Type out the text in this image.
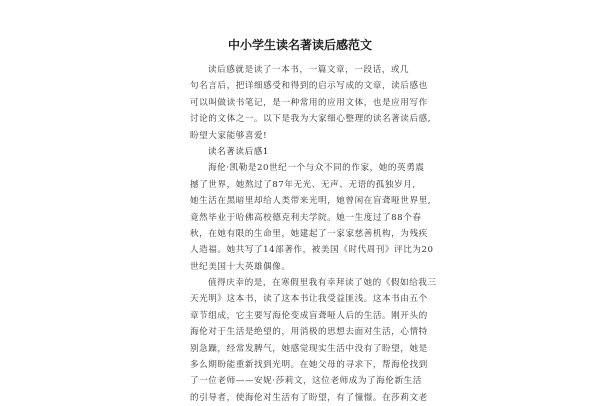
中小学生读名著读后感范文
读后感就是读了一本书，一篇文章，一段话，或几
句名言后，把详细感受和得到的启示写成的文章，读后感也
可以叫做读书笔记，是一种常用的应用文体，也是应用写作
讨论的文体之一。以下是我为大家细心整理的读名著读后感,
盼望大家能够喜爱!
读名著读后感1
海伦·凯勒是20世纪一个与众不同的作家，她的英勇震
撼了世界，她熬过了87年无光、无声、无语的孤独岁月,
她生活在黑暗里却给人类带来光明，她曾闲在盲聋哑世界里,
竟然毕业于哈佛高校德克利夫学院。她一生度过了88个春
秋，在她有限的生命里，她建起了一家家慈善机构，为残疾
人造福。她共写了14部著作，被美国《时代周刊》评比为20
世纪美国十大英雄偶像。
值得庆幸的是，在寒假里我有幸拜读了她的《假如给我三
天光明》这本书，读了这本书让我受益匪浅。这本书由五个
章节组成，它主要写海伦变成盲聋哑人后的生活。刚开头的
海伦对于生活是绝望的，用消极的思想去面对生活，心情特
别急躁，经常发脾气，她感觉现实生活中没有了盼望，她是
多么期盼能重新找到光明。在她父母的寻求下，帮海伦找到
了一位老师——安妮·莎莉文，这位老师成为了海伦新生活
的引导者，使海伦对生活有了盼望，有了憧憬。在莎莉文老
